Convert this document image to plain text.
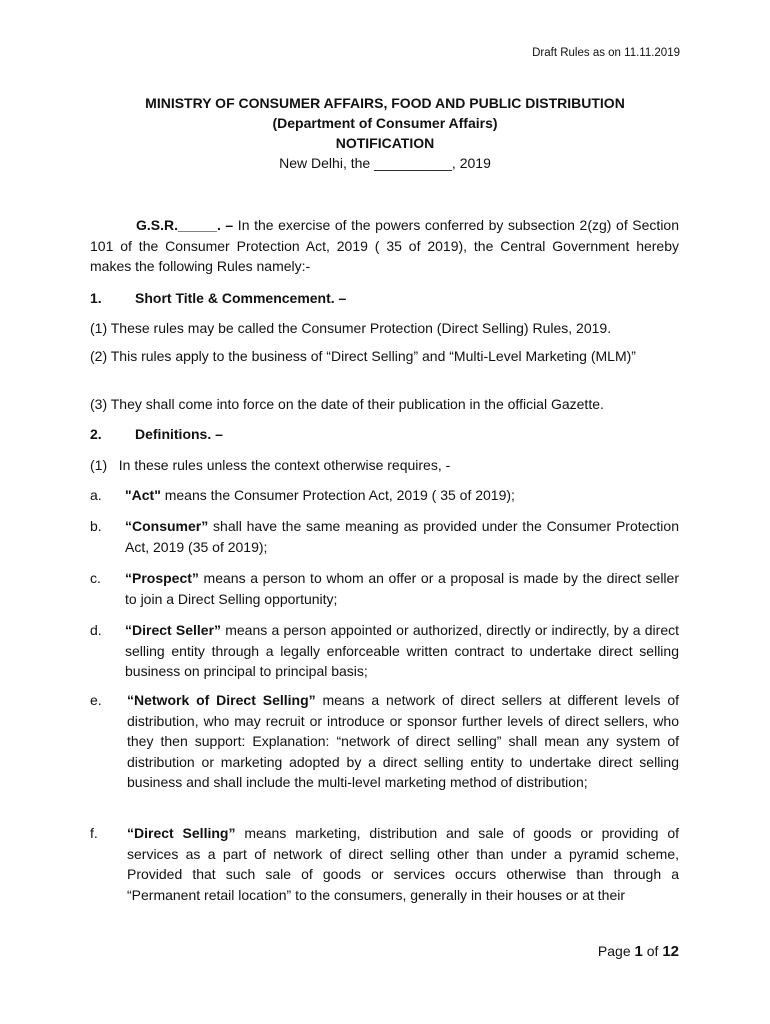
Draft Rules as on 11.11.2019
MINISTRY OF CONSUMER AFFAIRS, FOOD AND PUBLIC DISTRIBUTION
(Department of Consumer Affairs)
NOTIFICATION
New Delhi, the __________, 2019
G.S.R._____. – In the exercise of the powers conferred by subsection 2(zg) of Section 101 of the Consumer Protection Act, 2019 ( 35 of 2019), the Central Government hereby makes the following Rules namely:-
1. Short Title & Commencement. –
(1) These rules may be called the Consumer Protection (Direct Selling) Rules, 2019.
(2) This rules apply to the business of “Direct Selling” and “Multi-Level Marketing (MLM)”
(3) They shall come into force on the date of their publication in the official Gazette.
2. Definitions. –
(1)   In these rules unless the context otherwise requires, -
a. "Act" means the Consumer Protection Act, 2019 ( 35 of 2019);
b. “Consumer” shall have the same meaning as provided under the Consumer Protection Act, 2019 (35 of 2019);
c. “Prospect” means a person to whom an offer or a proposal is made by the direct seller to join a Direct Selling opportunity;
d. “Direct Seller” means a person appointed or authorized, directly or indirectly, by a direct selling entity through a legally enforceable written contract to undertake direct selling business on principal to principal basis;
e. “Network of Direct Selling” means a network of direct sellers at different levels of distribution, who may recruit or introduce or sponsor further levels of direct sellers, who they then support: Explanation: “network of direct selling” shall mean any system of distribution or marketing adopted by a direct selling entity to undertake direct selling business and shall include the multi-level marketing method of distribution;
f. “Direct Selling” means marketing, distribution and sale of goods or providing of services as a part of network of direct selling other than under a pyramid scheme, Provided that such sale of goods or services occurs otherwise than through a “Permanent retail location” to the consumers, generally in their houses or at their
Page 1 of 12
